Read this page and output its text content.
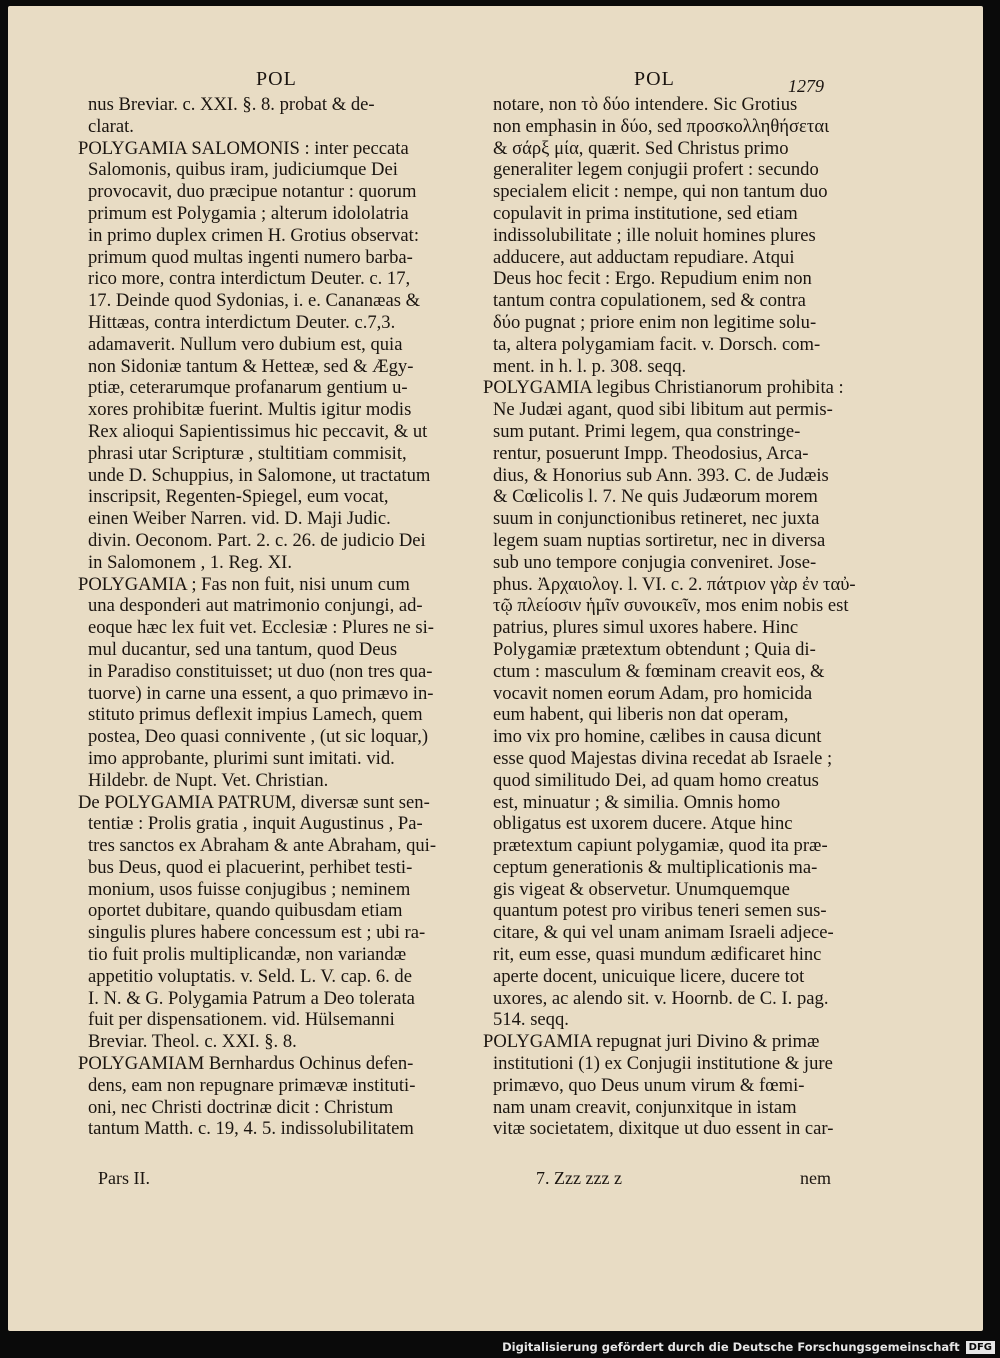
POL	POL	1279
nus Breviar. c. XXI. §. 8. probat & de-
clarat.
POLYGAMIA SALOMONIS : inter peccata
Salomonis, quibus iram, judiciumque Dei
provocavit, duo præcipue notantur : quorum
primum est Polygamia ; alterum idololatria
in primo duplex crimen H. Grotius observat:
primum quod multas ingenti numero barba-
rico more, contra interdictum Deuter. c. 17,
17. Deinde quod Sydonias, i. e. Cananæas &
Hittæas, contra interdictum Deuter. c.7,3.
adamaverit. Nullum vero dubium est, quia
non Sidoniæ tantum & Hetteæ, sed & Ægy-
ptiæ, ceterarumque profanarum gentium u-
xores prohibitæ fuerint. Multis igitur modis
Rex alioqui Sapientissimus hic peccavit, & ut
phrasi utar Scripturæ , stultitiam commisit,
unde D. Schuppius, in Salomone, ut tractatum
inscripsit, Regenten-Spiegel, eum vocat,
einen Weiber Narren. vid. D. Maji Judic.
divin. Oeconom. Part. 2. c. 26. de judicio Dei
in Salomonem , 1. Reg. XI.
POLYGAMIA ; Fas non fuit, nisi unum cum
una desponderi aut matrimonio conjungi, ad-
eoque hæc lex fuit vet. Ecclesiæ : Plures ne si-
mul ducantur, sed una tantum, quod Deus
in Paradiso constituisset; ut duo (non tres qua-
tuorve) in carne una essent, a quo primævo in-
stituto primus deflexit impius Lamech, quem
postea, Deo quasi connivente , (ut sic loquar,)
imo approbante, plurimi sunt imitati. vid.
Hildebr. de Nupt. Vet. Christian.
De POLYGAMIA PATRUM, diversæ sunt sen-
tentiæ : Prolis gratia , inquit Augustinus , Pa-
tres sanctos ex Abraham & ante Abraham, qui-
bus Deus, quod ei placuerint, perhibet testi-
monium, usos fuisse conjugibus ; neminem
oportet dubitare, quando quibusdam etiam
singulis plures habere concessum est ; ubi ra-
tio fuit prolis multiplicandæ, non variandæ
appetitio voluptatis. v. Seld. L. V. cap. 6. de
I. N. & G. Polygamia Patrum a Deo tolerata
fuit per dispensationem. vid. Hülsemanni
Breviar. Theol. c. XXI. §. 8.
POLYGAMIAM Bernhardus Ochinus defen-
dens, eam non repugnare primævæ instituti-
oni, nec Christi doctrinæ dicit : Christum
tantum Matth. c. 19, 4. 5. indissolubilitatem
notare, non τὸ δύο intendere. Sic Grotius
non emphasin in δύο, sed προσκολληθήσεται
& σάρξ μία, quærit. Sed Christus primo
generaliter legem conjugii profert : secundo
specialem elicit : nempe, qui non tantum duo
copulavit in prima institutione, sed etiam
indissolubilitate ; ille noluit homines plures
adducere, aut adductam repudiare. Atqui
Deus hoc fecit : Ergo. Repudium enim non
tantum contra copulationem, sed & contra
δύο pugnat ; priore enim non legitime solu-
ta, altera polygamiam facit. v. Dorsch. com-
ment. in h. l. p. 308. seqq.
POLYGAMIA legibus Christianorum prohibita :
Ne Judæi agant, quod sibi libitum aut permis-
sum putant. Primi legem, qua constringe-
rentur, posuerunt Impp. Theodosius, Arca-
dius, & Honorius sub Ann. 393. C. de Judæis
& Cœlicolis l. 7. Ne quis Judæorum morem
suum in conjunctionibus retineret, nec juxta
legem suam nuptias sortiretur, nec in diversa
sub uno tempore conjugia conveniret. Jose-
phus. Ἀρχαιολογ. l. VI. c. 2. πάτριον γὰρ ἐν ταὐ-
τῷ πλείοσιν ἡμῖν συνοικεῖν, mos enim nobis est
patrius, plures simul uxores habere. Hinc
Polygamiæ prætextum obtendunt ; Quia di-
ctum : masculum & fœminam creavit eos, &
vocavit nomen eorum Adam, pro homicida
eum habent, qui liberis non dat operam,
imo vix pro homine, cælibes in causa dicunt
esse quod Majestas divina recedat ab Israele ;
quod similitudo Dei, ad quam homo creatus
est, minuatur ; & similia. Omnis homo
obligatus est uxorem ducere. Atque hinc
prætextum capiunt polygamiæ, quod ita præ-
ceptum generationis & multiplicationis ma-
gis vigeat & observetur. Unumquemque
quantum potest pro viribus teneri semen sus-
citare, & qui vel unam animam Israeli adjece-
rit, eum esse, quasi mundum ædificaret hinc
aperte docent, unicuique licere, ducere tot
uxores, ac alendo sit. v. Hoornb. de C. I. pag.
514. seqq.
POLYGAMIA repugnat juri Divino & primæ
institutioni (1) ex Conjugii institutione & jure
primævo, quo Deus unum virum & fœmi-
nam unam creavit, conjunxitque in istam
vitæ societatem, dixitque ut duo essent in car-
Pars II.	7. Zzz zzz z	nem
Digitalisierung gefördert durch die Deutsche Forschungsgemeinschaft DFG
